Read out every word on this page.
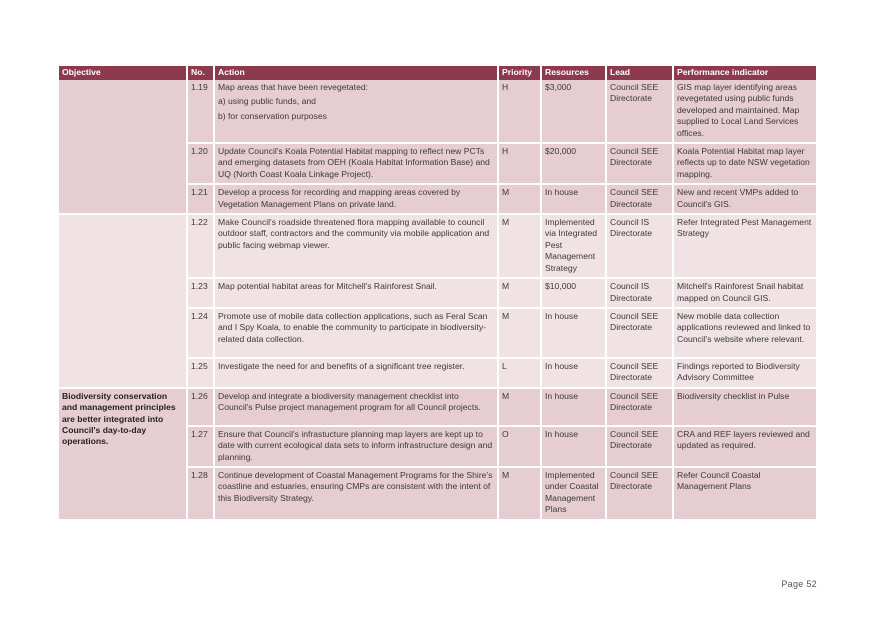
Objective	No.	Action	Priority	Resources	Lead	Performance indicator
	1.19	Map areas that have been revegetated:
a) using public funds, and
b) for conservation purposes	H	$3,000	Council SEE Directorate	GIS map layer identifying areas revegetated using public funds developed and maintained. Map supplied to Local Land Services offices.
	1.20	Update Council's Koala Potential Habitat mapping to reflect new PCTs and emerging datasets from OEH (Koala Habitat Information Base) and UQ (North Coast Koala Linkage Project).	H	$20,000	Council SEE Directorate	Koala Potential Habitat map layer reflects up to date NSW vegetation mapping.
	1.21	Develop a process for recording and mapping areas covered by Vegetation Management Plans on private land.	M	In house	Council SEE Directorate	New and recent VMPs added to Council's GIS.
	1.22	Make Council's roadside threatened flora mapping available to council outdoor staff, contractors and the community via mobile application and public facing webmap viewer.	M	Implemented via Integrated Pest Management Strategy	Council IS Directorate	Refer Integrated Pest Management Strategy
	1.23	Map potential habitat areas for Mitchell's Rainforest Snail.	M	$10,000	Council IS Directorate	Mitchell's Rainforest Snail habitat mapped on Council GIS.
	1.24	Promote use of mobile data collection applications, such as Feral Scan and I Spy Koala, to enable the community to participate in biodiversity-related data collection.	M	In house	Council SEE Directorate	New mobile data collection applications reviewed and linked to Council's website where relevant.
	1.25	Investigate the need for and benefits of a significant tree register.	L	In house	Council SEE Directorate	Findings reported to Biodiversity Advisory Committee
Biodiversity conservation and management principles are better integrated into Council's day-to-day operations.	1.26	Develop and integrate a biodiversity management checklist into Council's Pulse project management program for all Council projects.	M	In house	Council SEE Directorate	Biodiversity checklist in Pulse
	1.27	Ensure that Council's infrastucture planning map layers are kept up to date with current ecological data sets to inform infrastructure design and planning.	O	In house	Council SEE Directorate	CRA and REF layers reviewed and updated as required.
	1.28	Continue development of Coastal Management Programs for the Shire's coastline and estuaries, ensuring CMPs are consistent with the intent of this Biodiversity Strategy.	M	Implemented under Coastal Management Plans	Council SEE Directorate	Refer Council Coastal Management Plans
Page 52
